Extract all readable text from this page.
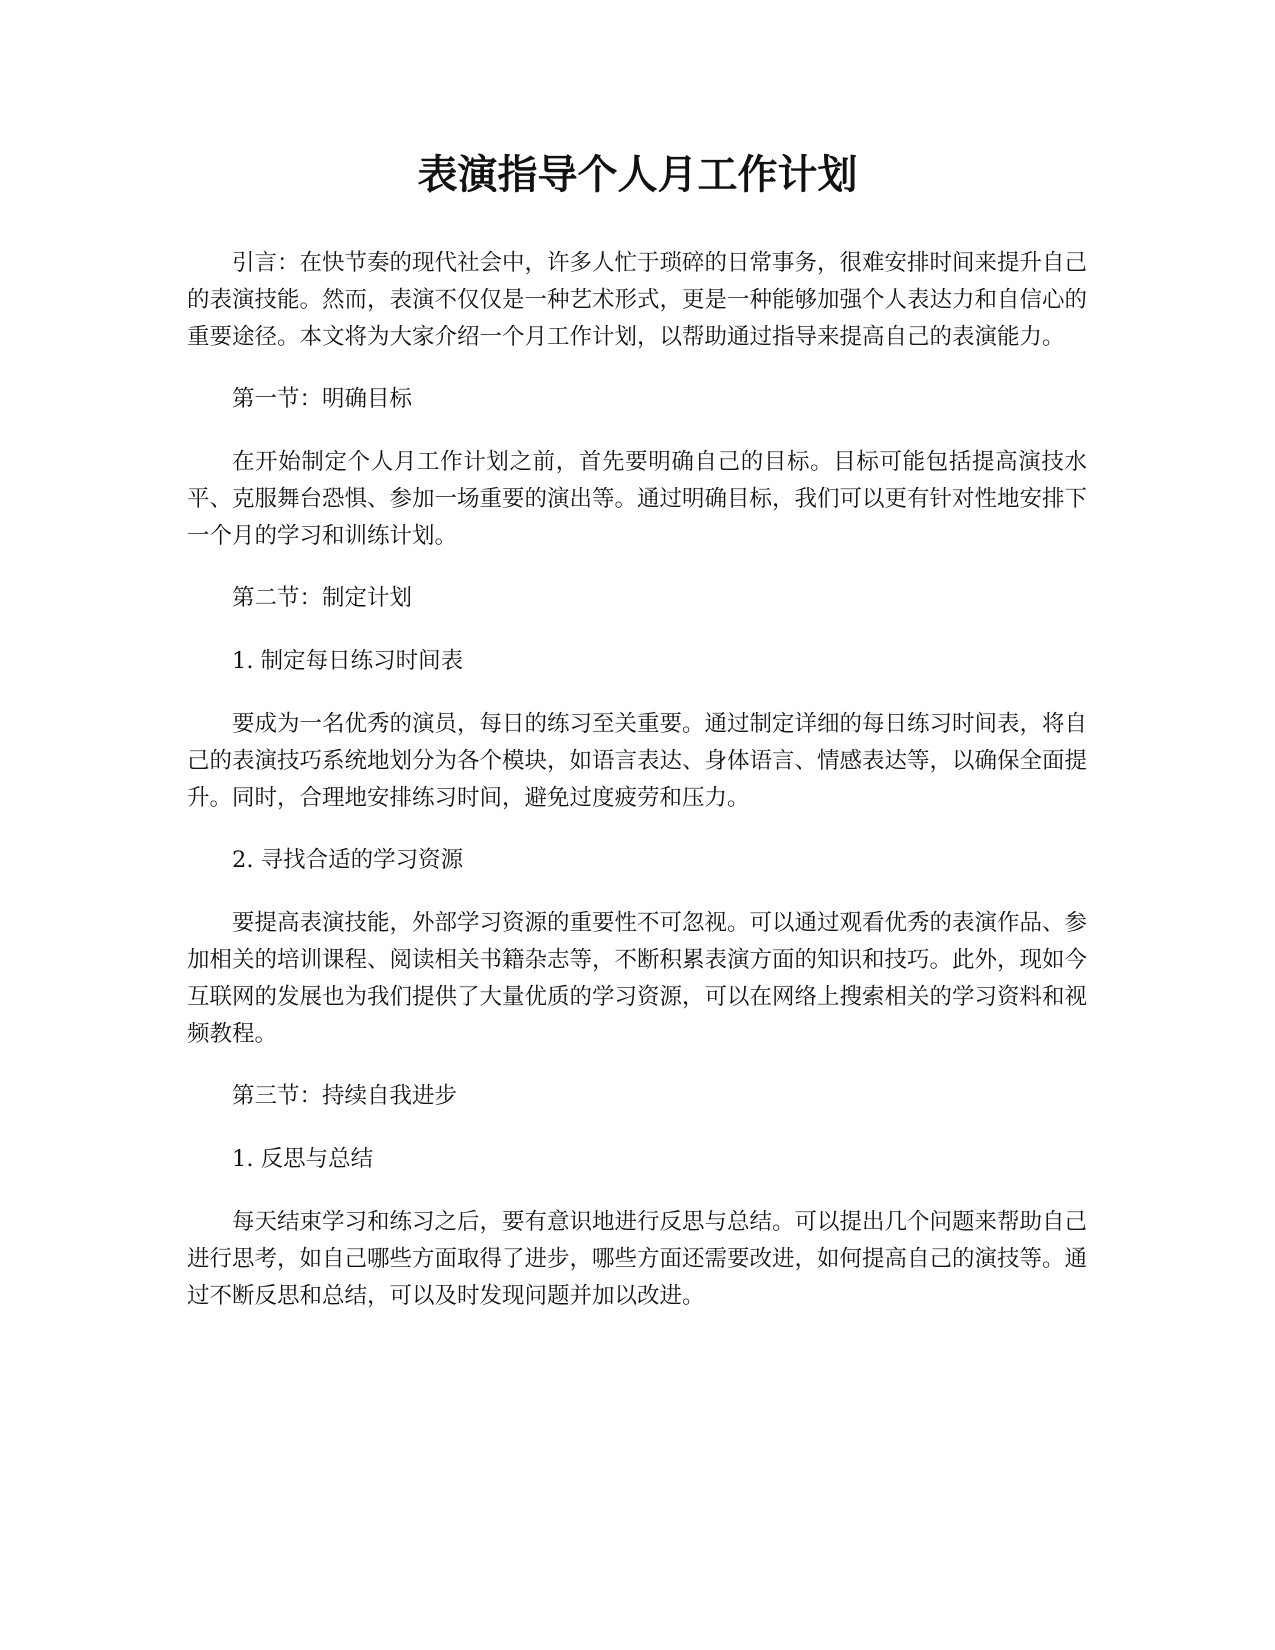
表演指导个人月工作计划

引言：在快节奏的现代社会中，许多人忙于琐碎的日常事务，很难安排时间来提升自己的表演技能。然而，表演不仅仅是一种艺术形式，更是一种能够加强个人表达力和自信心的重要途径。本文将为大家介绍一个月工作计划，以帮助通过指导来提高自己的表演能力。

第一节：明确目标

在开始制定个人月工作计划之前，首先要明确自己的目标。目标可能包括提高演技水平、克服舞台恐惧、参加一场重要的演出等。通过明确目标，我们可以更有针对性地安排下一个月的学习和训练计划。

第二节：制定计划

1. 制定每日练习时间表

要成为一名优秀的演员，每日的练习至关重要。通过制定详细的每日练习时间表，将自己的表演技巧系统地划分为各个模块，如语言表达、身体语言、情感表达等，以确保全面提升。同时，合理地安排练习时间，避免过度疲劳和压力。

2. 寻找合适的学习资源

要提高表演技能，外部学习资源的重要性不可忽视。可以通过观看优秀的表演作品、参加相关的培训课程、阅读相关书籍杂志等，不断积累表演方面的知识和技巧。此外，现如今互联网的发展也为我们提供了大量优质的学习资源，可以在网络上搜索相关的学习资料和视频教程。

第三节：持续自我进步

1. 反思与总结

每天结束学习和练习之后，要有意识地进行反思与总结。可以提出几个问题来帮助自己进行思考，如自己哪些方面取得了进步，哪些方面还需要改进，如何提高自己的演技等。通过不断反思和总结，可以及时发现问题并加以改进。
